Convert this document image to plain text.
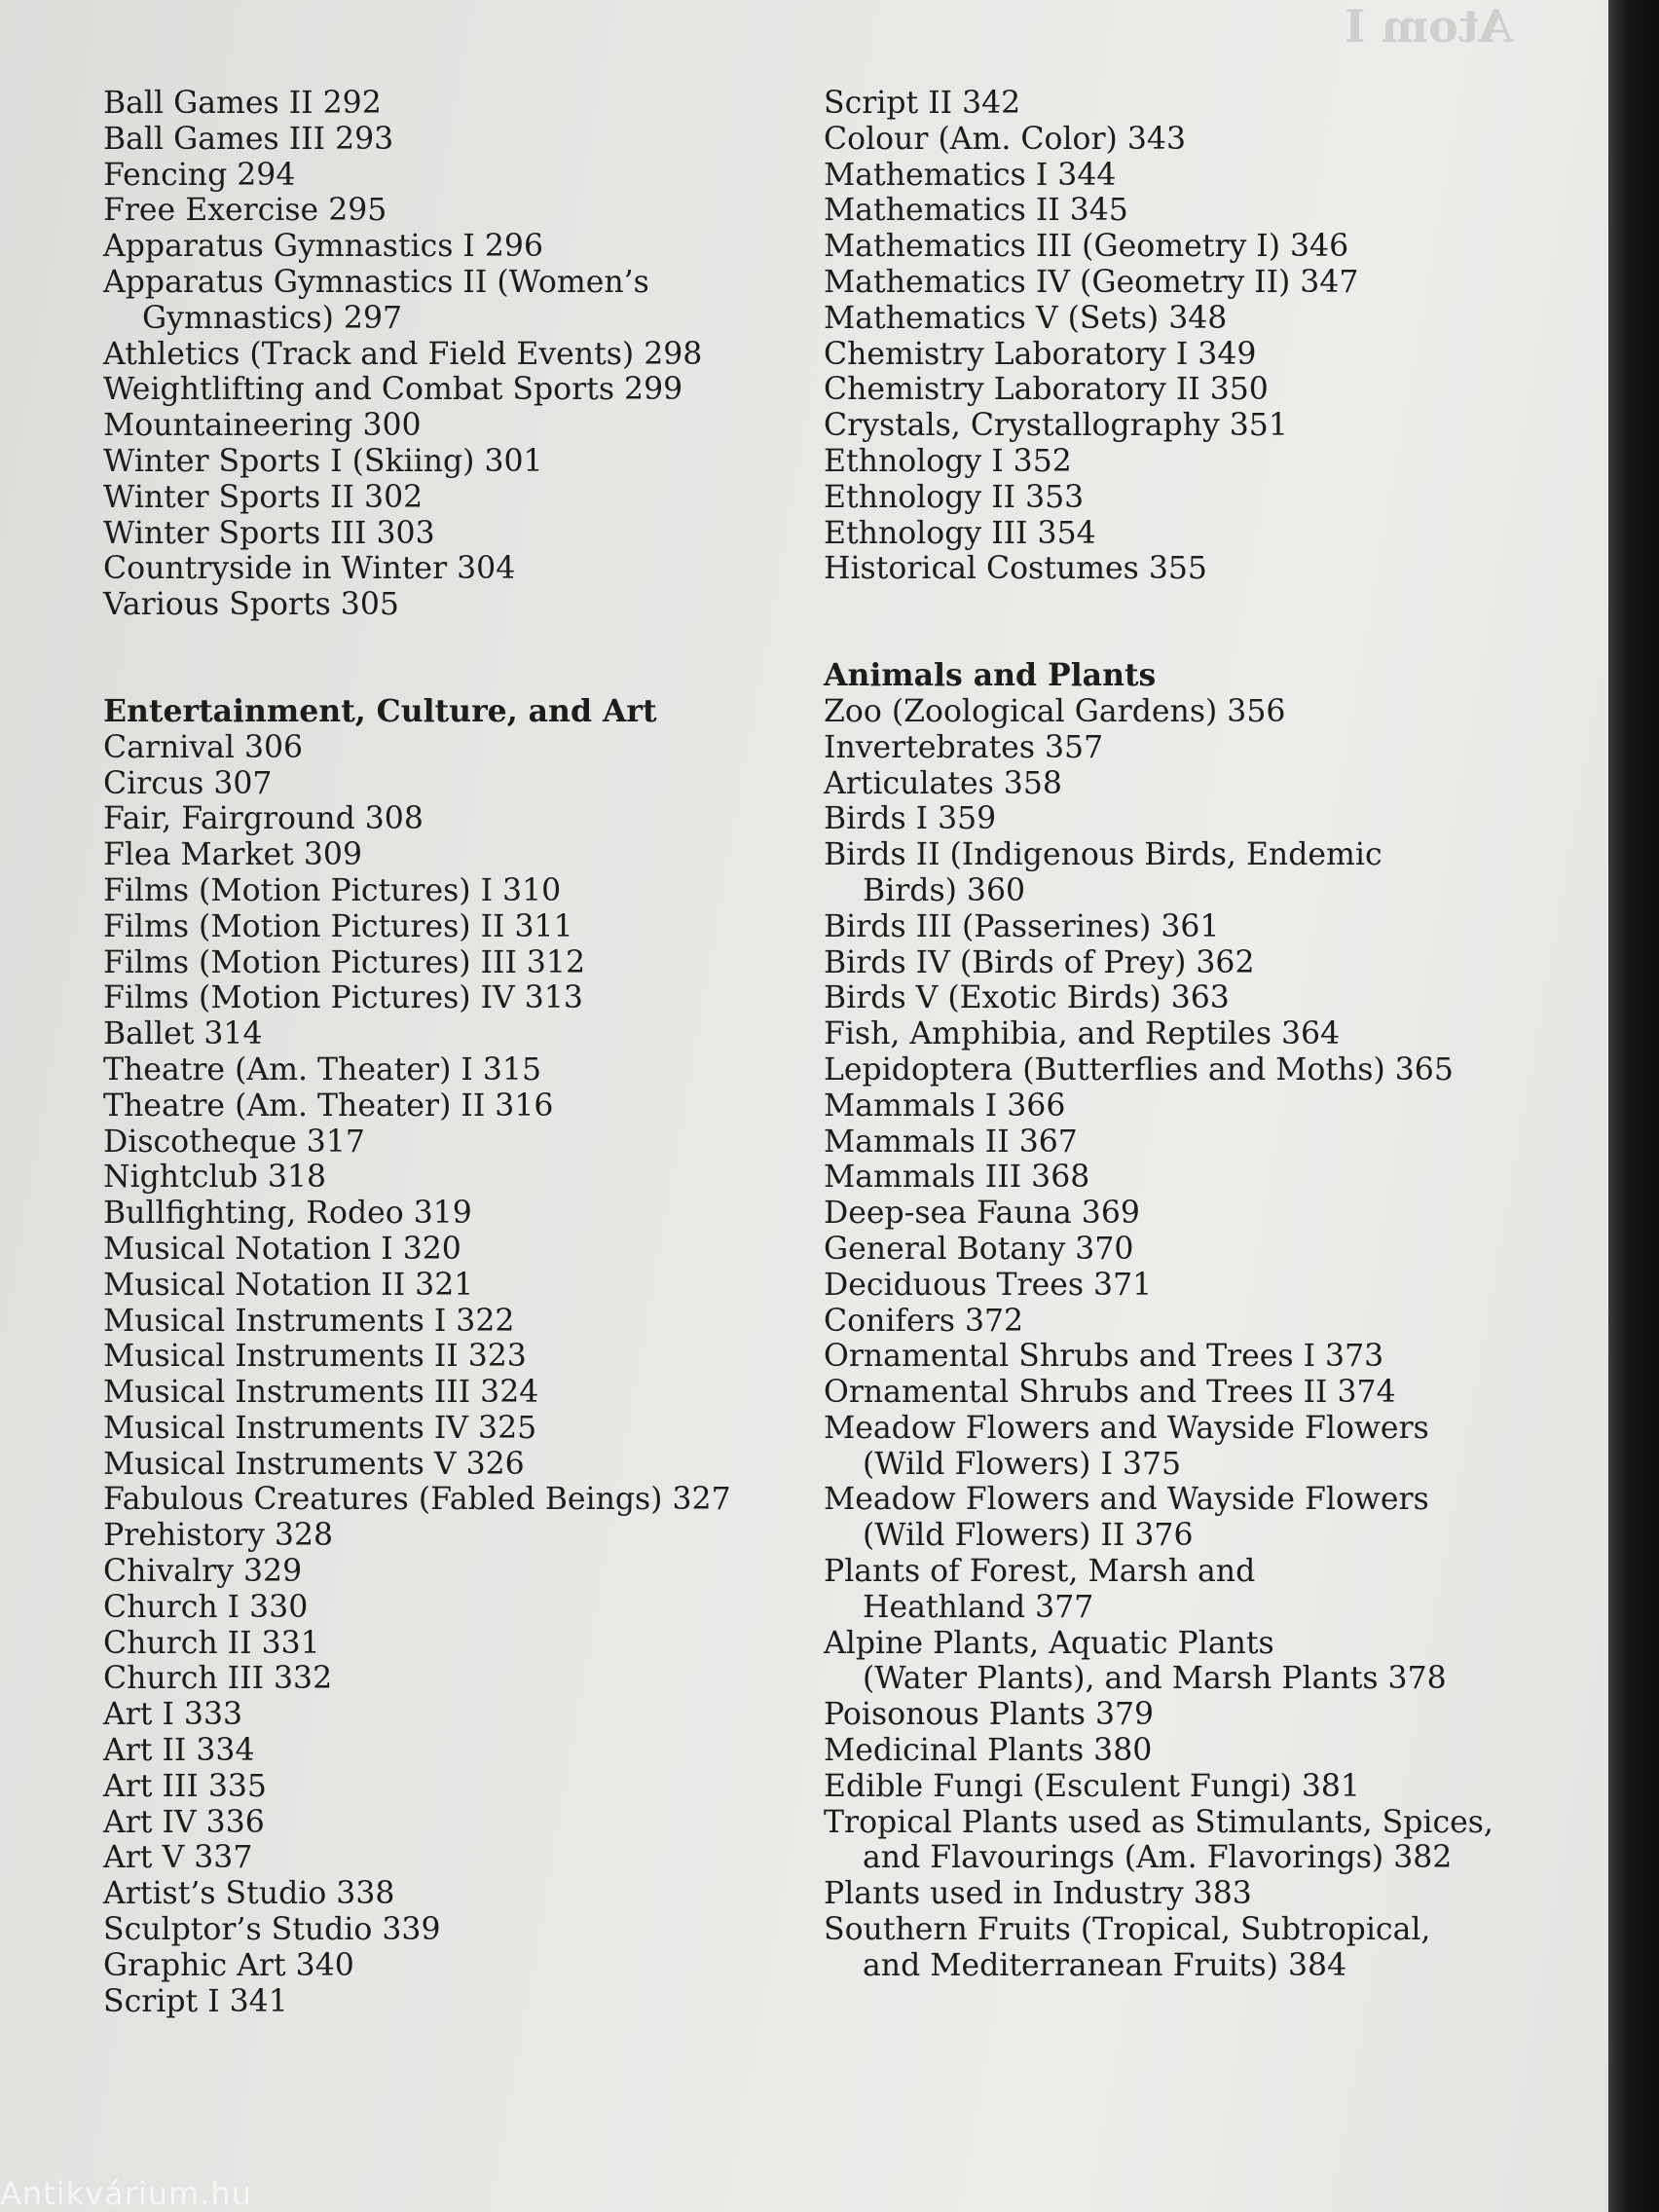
Atom I

Ball Games II 292

Ball Games III 293

Fencing 294

Free Exercise 295

Apparatus Gymnastics I 296

Apparatus Gymnastics II (Women’s
Gymnastics) 297

Athletics (Track and Field Events) 298

Weightlifting and Combat Sports 299

Mountaineering 300

Winter Sports I (Skiing) 301

Winter Sports II 302

Winter Sports III 303

Countryside in Winter 304

Various Sports 305

Entertainment, Culture, and Art

Carnival 306

Circus 307

Fair, Fairground 308

Flea Market 309

Films (Motion Pictures) I 310

Films (Motion Pictures) II 311

Films (Motion Pictures) III 312

Films (Motion Pictures) IV 313

Ballet 314

Theatre (Am. Theater) I 315

Theatre (Am. Theater) II 316

Discotheque 317

Nightclub 318

Bullfighting, Rodeo 319

Musical Notation I 320

Musical Notation II 321

Musical Instruments I 322

Musical Instruments II 323

Musical Instruments III 324

Musical Instruments IV 325

Musical Instruments V 326

Fabulous Creatures (Fabled Beings) 327

Prehistory 328

Chivalry 329

Church I 330

Church II 331

Church III 332

Art I 333

Art II 334

Art III 335

Art IV 336

Art V 337

Artist’s Studio 338

Sculptor’s Studio 339

Graphic Art 340

Script I 341

Script II 342

Colour (Am. Color) 343

Mathematics I 344

Mathematics II 345

Mathematics III (Geometry I) 346

Mathematics IV (Geometry II) 347

Mathematics V (Sets) 348

Chemistry Laboratory I 349

Chemistry Laboratory II 350

Crystals, Crystallography 351

Ethnology I 352

Ethnology II 353

Ethnology III 354

Historical Costumes 355

Animals and Plants

Zoo (Zoological Gardens) 356

Invertebrates 357

Articulates 358

Birds I 359

Birds II (Indigenous Birds, Endemic
Birds) 360

Birds III (Passerines) 361

Birds IV (Birds of Prey) 362

Birds V (Exotic Birds) 363

Fish, Amphibia, and Reptiles 364

Lepidoptera (Butterflies and Moths) 365

Mammals I 366

Mammals II 367

Mammals III 368

Deep-sea Fauna 369

General Botany 370

Deciduous Trees 371

Conifers 372

Ornamental Shrubs and Trees I 373

Ornamental Shrubs and Trees II 374

Meadow Flowers and Wayside Flowers
(Wild Flowers) I 375

Meadow Flowers and Wayside Flowers
(Wild Flowers) II 376

Plants of Forest, Marsh and
Heathland 377

Alpine Plants, Aquatic Plants
(Water Plants), and Marsh Plants 378

Poisonous Plants 379

Medicinal Plants 380

Edible Fungi (Esculent Fungi) 381

Tropical Plants used as Stimulants, Spices,
and Flavourings (Am. Flavorings) 382

Plants used in Industry 383

Southern Fruits (Tropical, Subtropical,
and Mediterranean Fruits) 384

Antikvárium.hu
